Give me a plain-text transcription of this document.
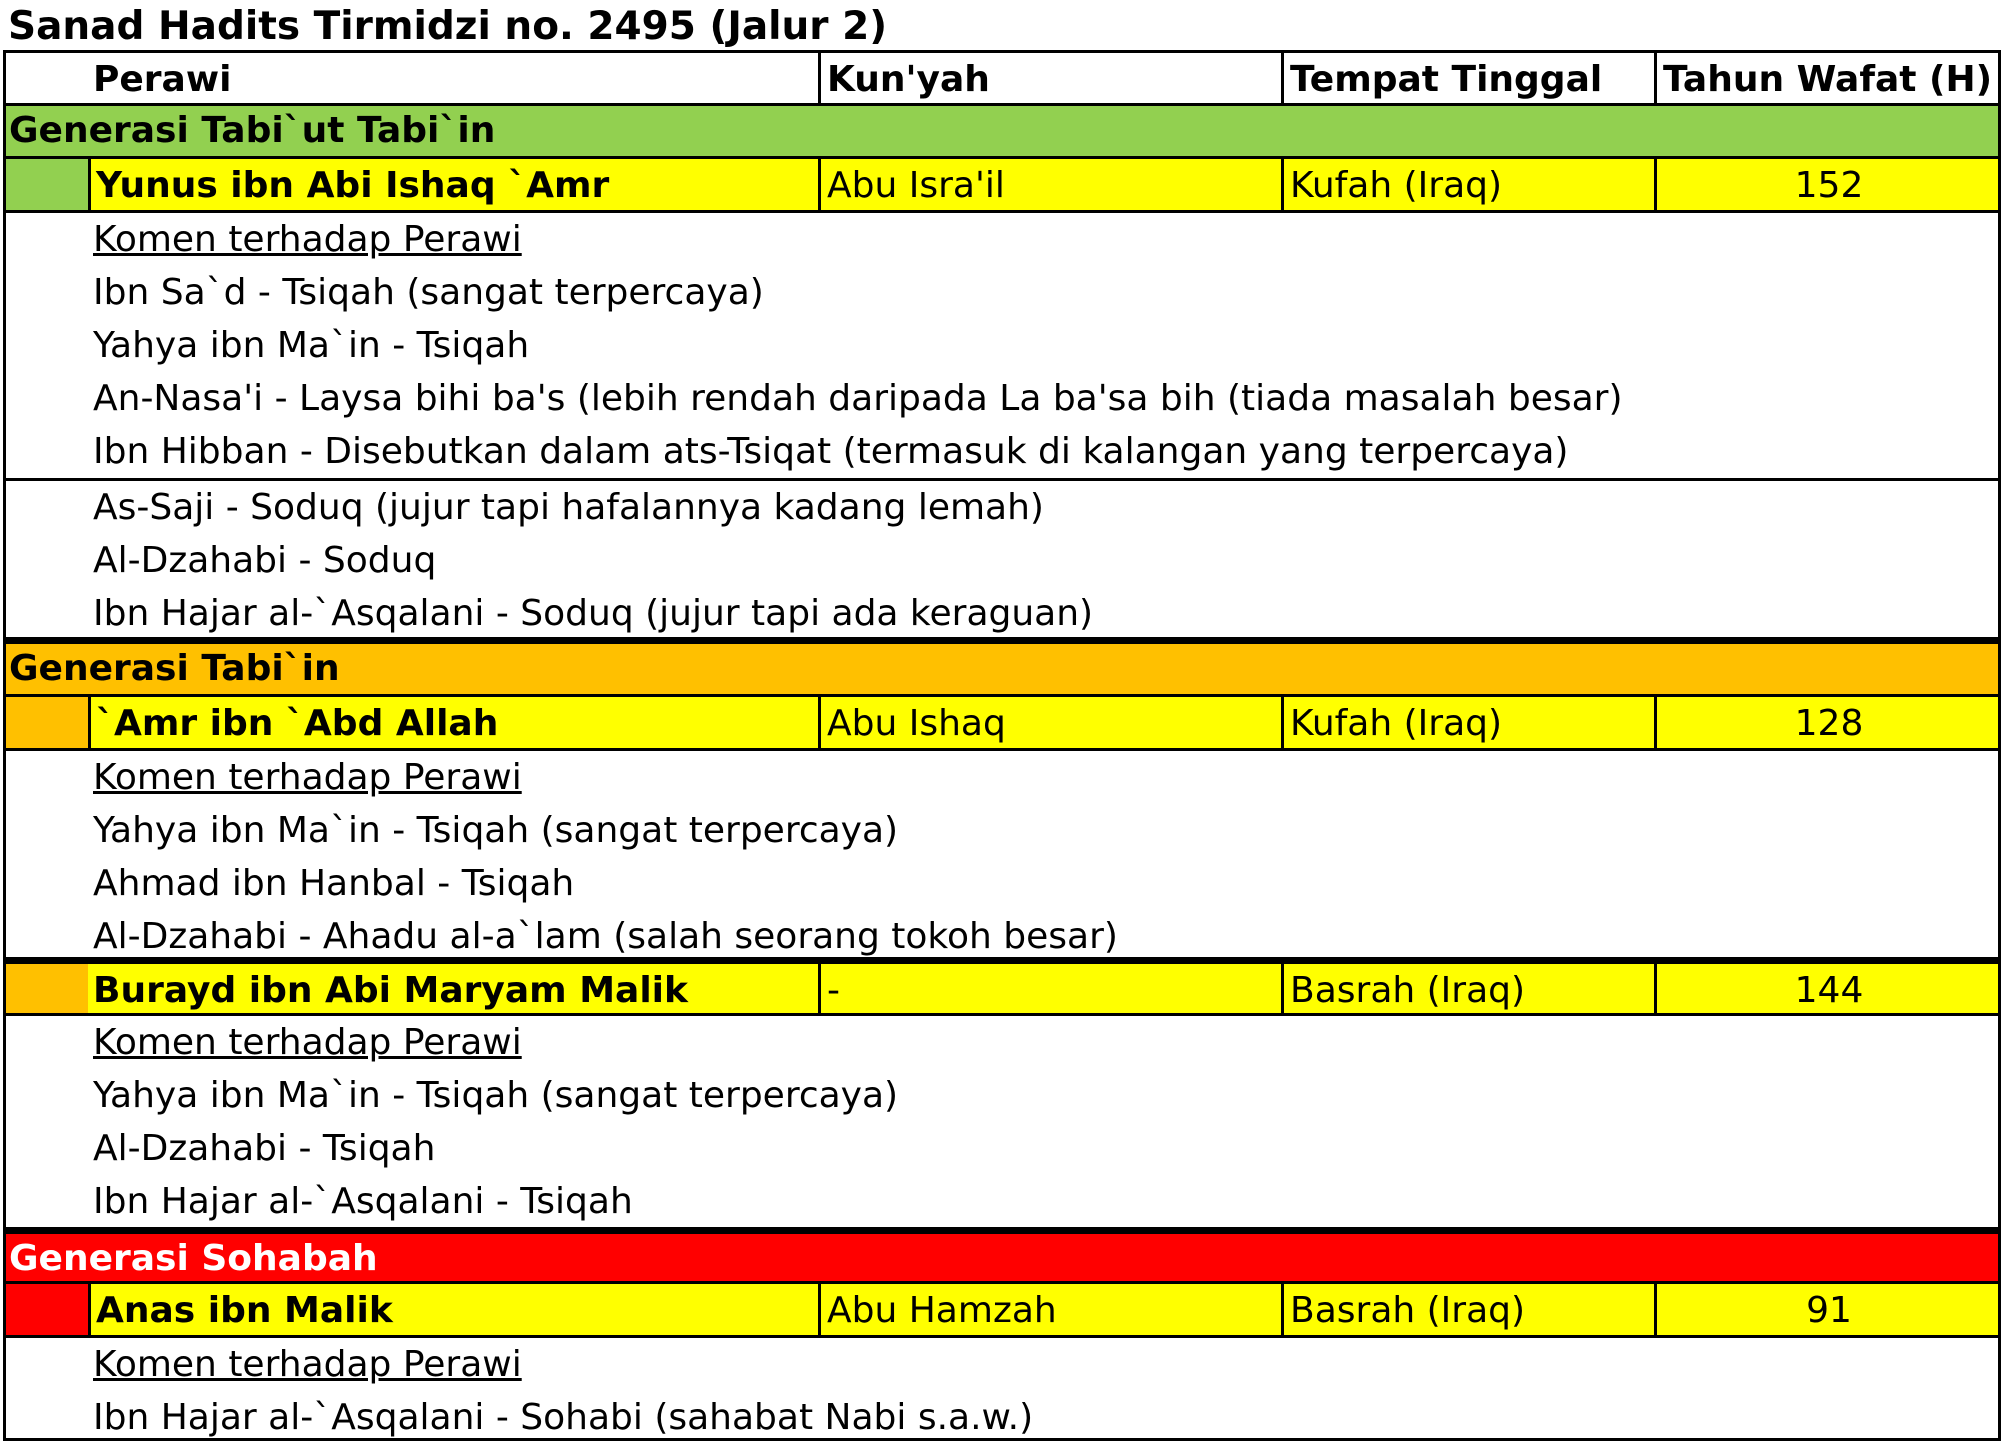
Sanad Hadits Tirmidzi no. 2495 (Jalur 2)
Perawi	Kun'yah	Tempat Tinggal	Tahun Wafat (H)
Generasi Tabi`ut Tabi`in
Yunus ibn Abi Ishaq `Amr	Abu Isra'il	Kufah (Iraq)	152
Komen terhadap Perawi
Ibn Sa`d - Tsiqah (sangat terpercaya)
Yahya ibn Ma`in - Tsiqah
An-Nasa'i - Laysa bihi ba's (lebih rendah daripada La ba'sa bih (tiada masalah besar)
Ibn Hibban - Disebutkan dalam ats-Tsiqat (termasuk di kalangan yang terpercaya)
As-Saji - Soduq (jujur tapi hafalannya kadang lemah)
Al-Dzahabi - Soduq
Ibn Hajar al-`Asqalani - Soduq (jujur tapi ada keraguan)
Generasi Tabi`in
`Amr ibn `Abd Allah	Abu Ishaq	Kufah (Iraq)	128
Komen terhadap Perawi
Yahya ibn Ma`in - Tsiqah (sangat terpercaya)
Ahmad ibn Hanbal - Tsiqah
Al-Dzahabi - Ahadu al-a`lam (salah seorang tokoh besar)
Burayd ibn Abi Maryam Malik	-	Basrah (Iraq)	144
Komen terhadap Perawi
Yahya ibn Ma`in - Tsiqah (sangat terpercaya)
Al-Dzahabi - Tsiqah
Ibn Hajar al-`Asqalani - Tsiqah
Generasi Sohabah
Anas ibn Malik	Abu Hamzah	Basrah (Iraq)	91
Komen terhadap Perawi
Ibn Hajar al-`Asqalani - Sohabi (sahabat Nabi s.a.w.)
